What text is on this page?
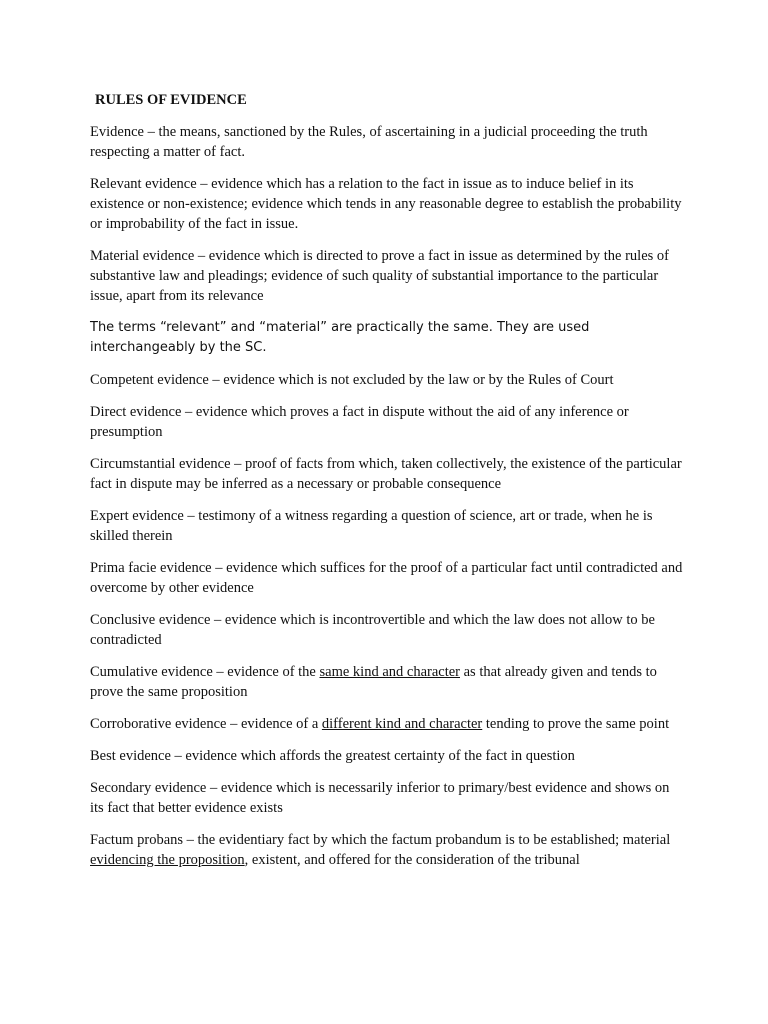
RULES OF EVIDENCE

Evidence – the means, sanctioned by the Rules, of ascertaining in a judicial proceeding the truth respecting a matter of fact.

Relevant evidence – evidence which has a relation to the fact in issue as to induce belief in its existence or non-existence; evidence which tends in any reasonable degree to establish the probability or improbability of the fact in issue.

Material evidence – evidence which is directed to prove a fact in issue as determined by the rules of substantive law and pleadings; evidence of such quality of substantial importance to the particular issue, apart from its relevance

The terms “relevant” and “material” are practically the same. They are used interchangeably by the SC.

Competent evidence – evidence which is not excluded by the law or by the Rules of Court

Direct evidence – evidence which proves a fact in dispute without the aid of any inference or presumption

Circumstantial evidence – proof of facts from which, taken collectively, the existence of the particular fact in dispute may be inferred as a necessary or probable consequence

Expert evidence – testimony of a witness regarding a question of science, art or trade, when he is skilled therein

Prima facie evidence – evidence which suffices for the proof of a particular fact until contradicted and overcome by other evidence

Conclusive evidence – evidence which is incontrovertible and which the law does not allow to be contradicted

Cumulative evidence – evidence of the same kind and character as that already given and tends to prove the same proposition

Corroborative evidence – evidence of a different kind and character tending to prove the same point

Best evidence – evidence which affords the greatest certainty of the fact in question

Secondary evidence – evidence which is necessarily inferior to primary/best evidence and shows on its fact that better evidence exists

Factum probans – the evidentiary fact by which the factum probandum is to be established; material evidencing the proposition, existent, and offered for the consideration of the tribunal
